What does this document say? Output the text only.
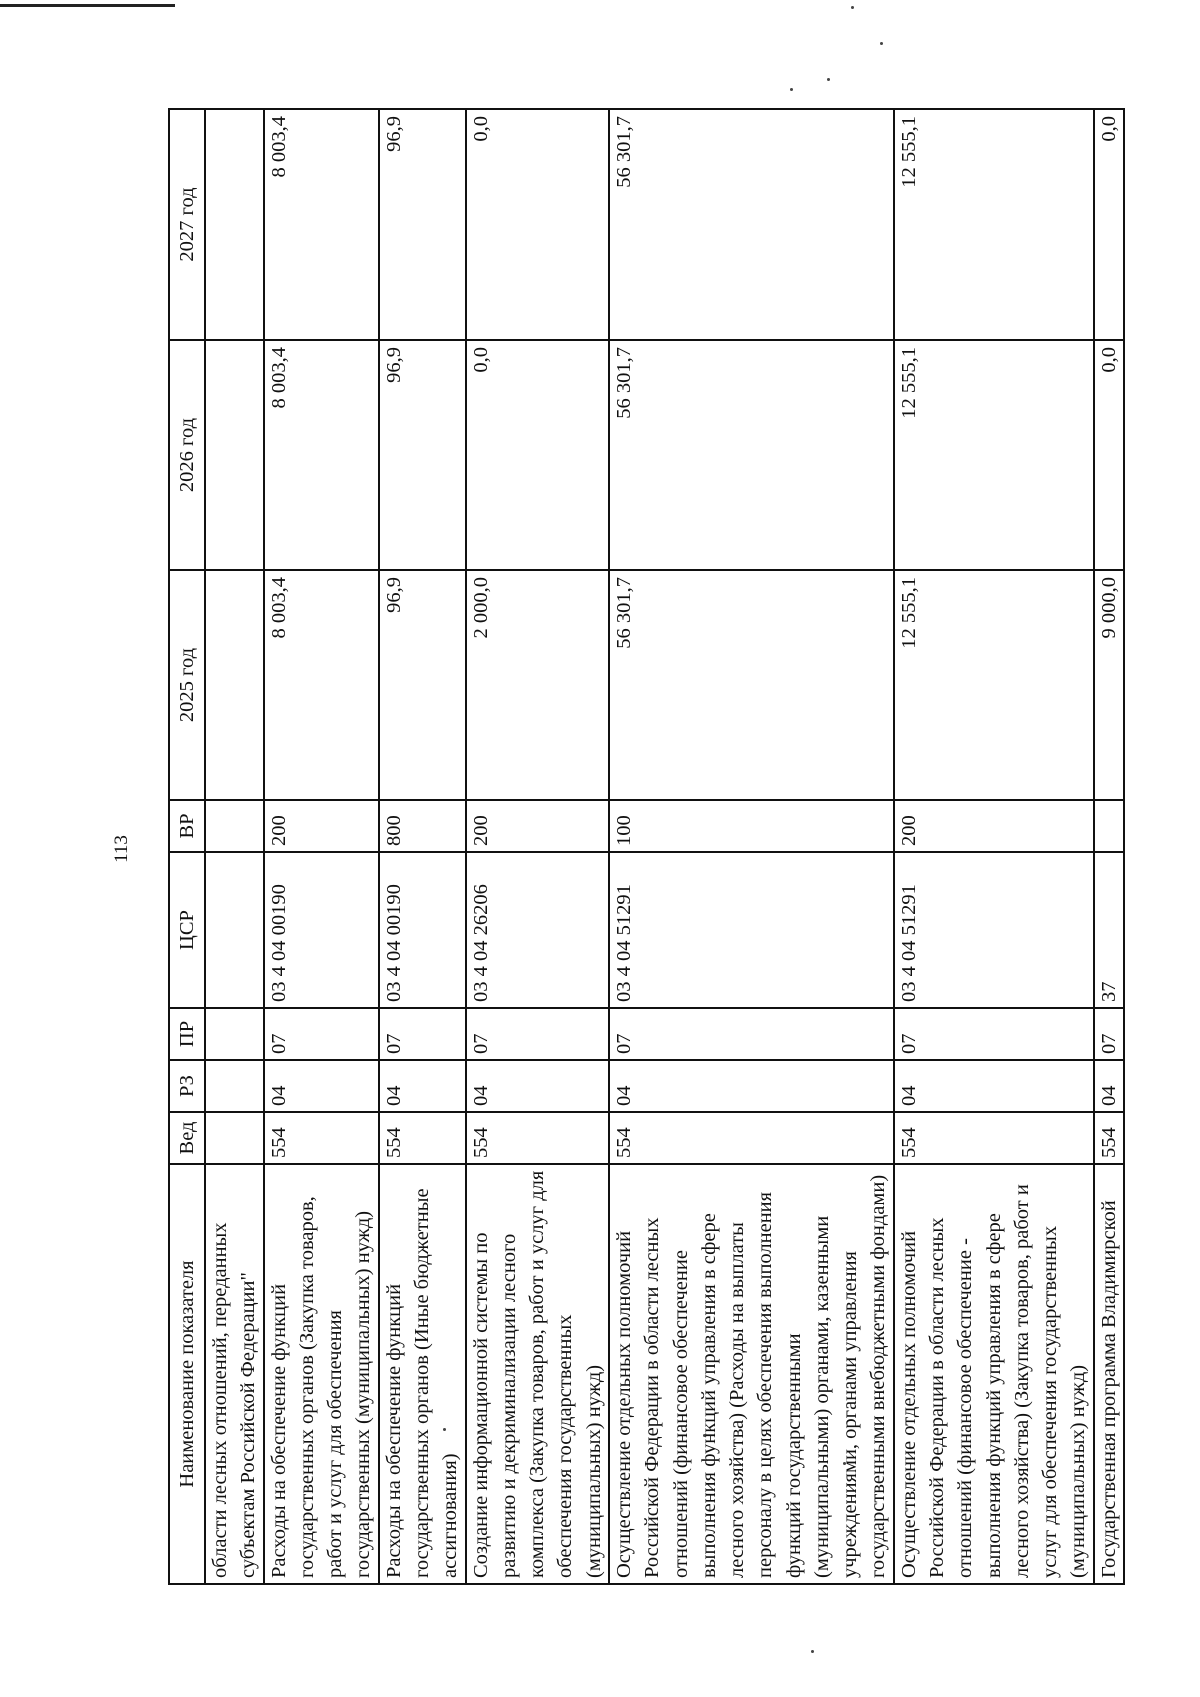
113
Наименование показателя	Вед	РЗ	ПР	ЦСР	ВР	2025 год	2026 год	2027 год
области лесных отношений, переданных субъектам Российской Федерации"								
Расходы на обеспечение функций государственных органов (Закупка товаров, работ и услуг для обеспечения государственных (муниципальных) нужд)	554	04	07	03 4 04 00190	200	8 003,4	8 003,4	8 003,4
Расходы на обеспечение функций государственных органов (Иные бюджетные ассигнования)	554	04	07	03 4 04 00190	800	96,9	96,9	96,9
Создание информационной системы по развитию и декриминализации лесного комплекса (Закупка товаров, работ и услуг для обеспечения государственных (муниципальных) нужд)	554	04	07	03 4 04 26206	200	2 000,0	0,0	0,0
Осуществление отдельных полномочий Российской Федерации в области лесных отношений (финансовое обеспечение выполнения функций управления в сфере лесного хозяйства) (Расходы на выплаты персоналу в целях обеспечения выполнения функций государственными (муниципальными) органами, казенными учреждениями, органами управления государственными внебюджетными фондами)	554	04	07	03 4 04 51291	100	56 301,7	56 301,7	56 301,7
Осуществление отдельных полномочий Российской Федерации в области лесных отношений (финансовое обеспечение - выполнения функций управления в сфере лесного хозяйства) (Закупка товаров, работ и услуг для обеспечения государственных (муниципальных) нужд)	554	04	07	03 4 04 51291	200	12 555,1	12 555,1	12 555,1
Государственная программа Владимирской	554	04	07	37		9 000,0	0,0	0,0
